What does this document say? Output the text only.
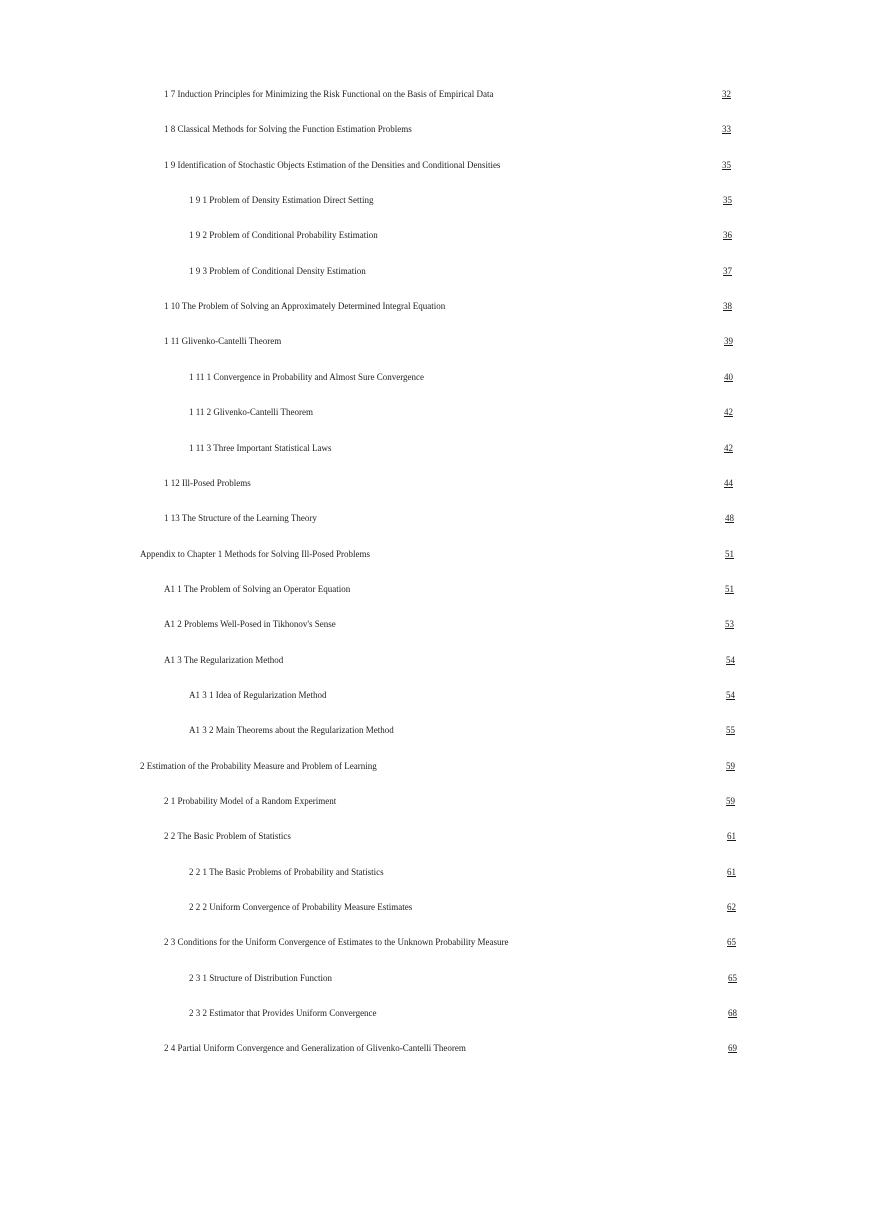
1 7 Induction Principles for Minimizing the Risk Functional on the Basis of Empirical Data	32
1 8 Classical Methods for Solving the Function Estimation Problems	33
1 9 Identification of Stochastic Objects Estimation of the Densities and Conditional Densities	35
1 9 1 Problem of Density Estimation Direct Setting	35
1 9 2 Problem of Conditional Probability Estimation	36
1 9 3 Problem of Conditional Density Estimation	37
1 10 The Problem of Solving an Approximately Determined Integral Equation	38
1 11 Glivenko-Cantelli Theorem	39
1 11 1 Convergence in Probability and Almost Sure Convergence	40
1 11 2 Glivenko-Cantelli Theorem	42
1 11 3 Three Important Statistical Laws	42
1 12 Ill-Posed Problems	44
1 13 The Structure of the Learning Theory	48
Appendix to Chapter 1 Methods for Solving Ill-Posed Problems	51
A1 1 The Problem of Solving an Operator Equation	51
A1 2 Problems Well-Posed in Tikhonov's Sense	53
A1 3 The Regularization Method	54
A1 3 1 Idea of Regularization Method	54
A1 3 2 Main Theorems about the Regularization Method	55
2 Estimation of the Probability Measure and Problem of Learning	59
2 1 Probability Model of a Random Experiment	59
2 2 The Basic Problem of Statistics	61
2 2 1 The Basic Problems of Probability and Statistics	61
2 2 2 Uniform Convergence of Probability Measure Estimates	62
2 3 Conditions for the Uniform Convergence of Estimates to the Unknown Probability Measure	65
2 3 1 Structure of Distribution Function	65
2 3 2 Estimator that Provides Uniform Convergence	68
2 4 Partial Uniform Convergence and Generalization of Glivenko-Cantelli Theorem	69
